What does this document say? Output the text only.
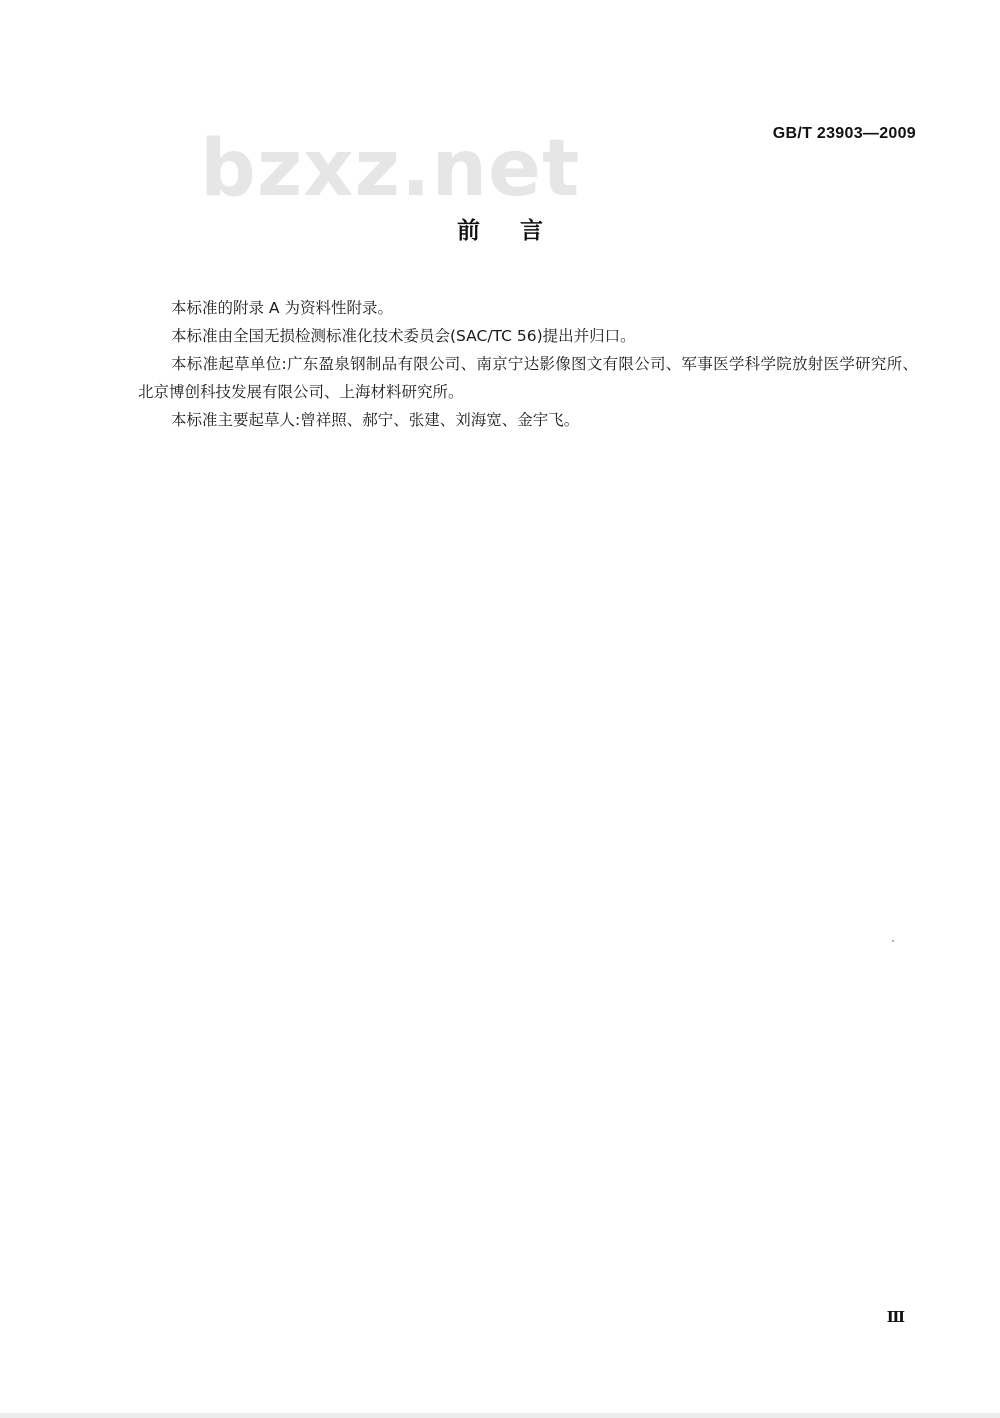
bzxz.net	GB/T 23903—2009
前言

本标准的附录 A 为资料性附录。

本标准由全国无损检测标准化技术委员会(SAC/TC 56)提出并归口。

本标准起草单位:广东盈泉钢制品有限公司、南京宁达影像图文有限公司、军事医学科学院放射医学研究所、北京博创科技发展有限公司、上海材料研究所。

本标准主要起草人:曾祥照、郝宁、张建、刘海宽、金宇飞。

Ⅲ
